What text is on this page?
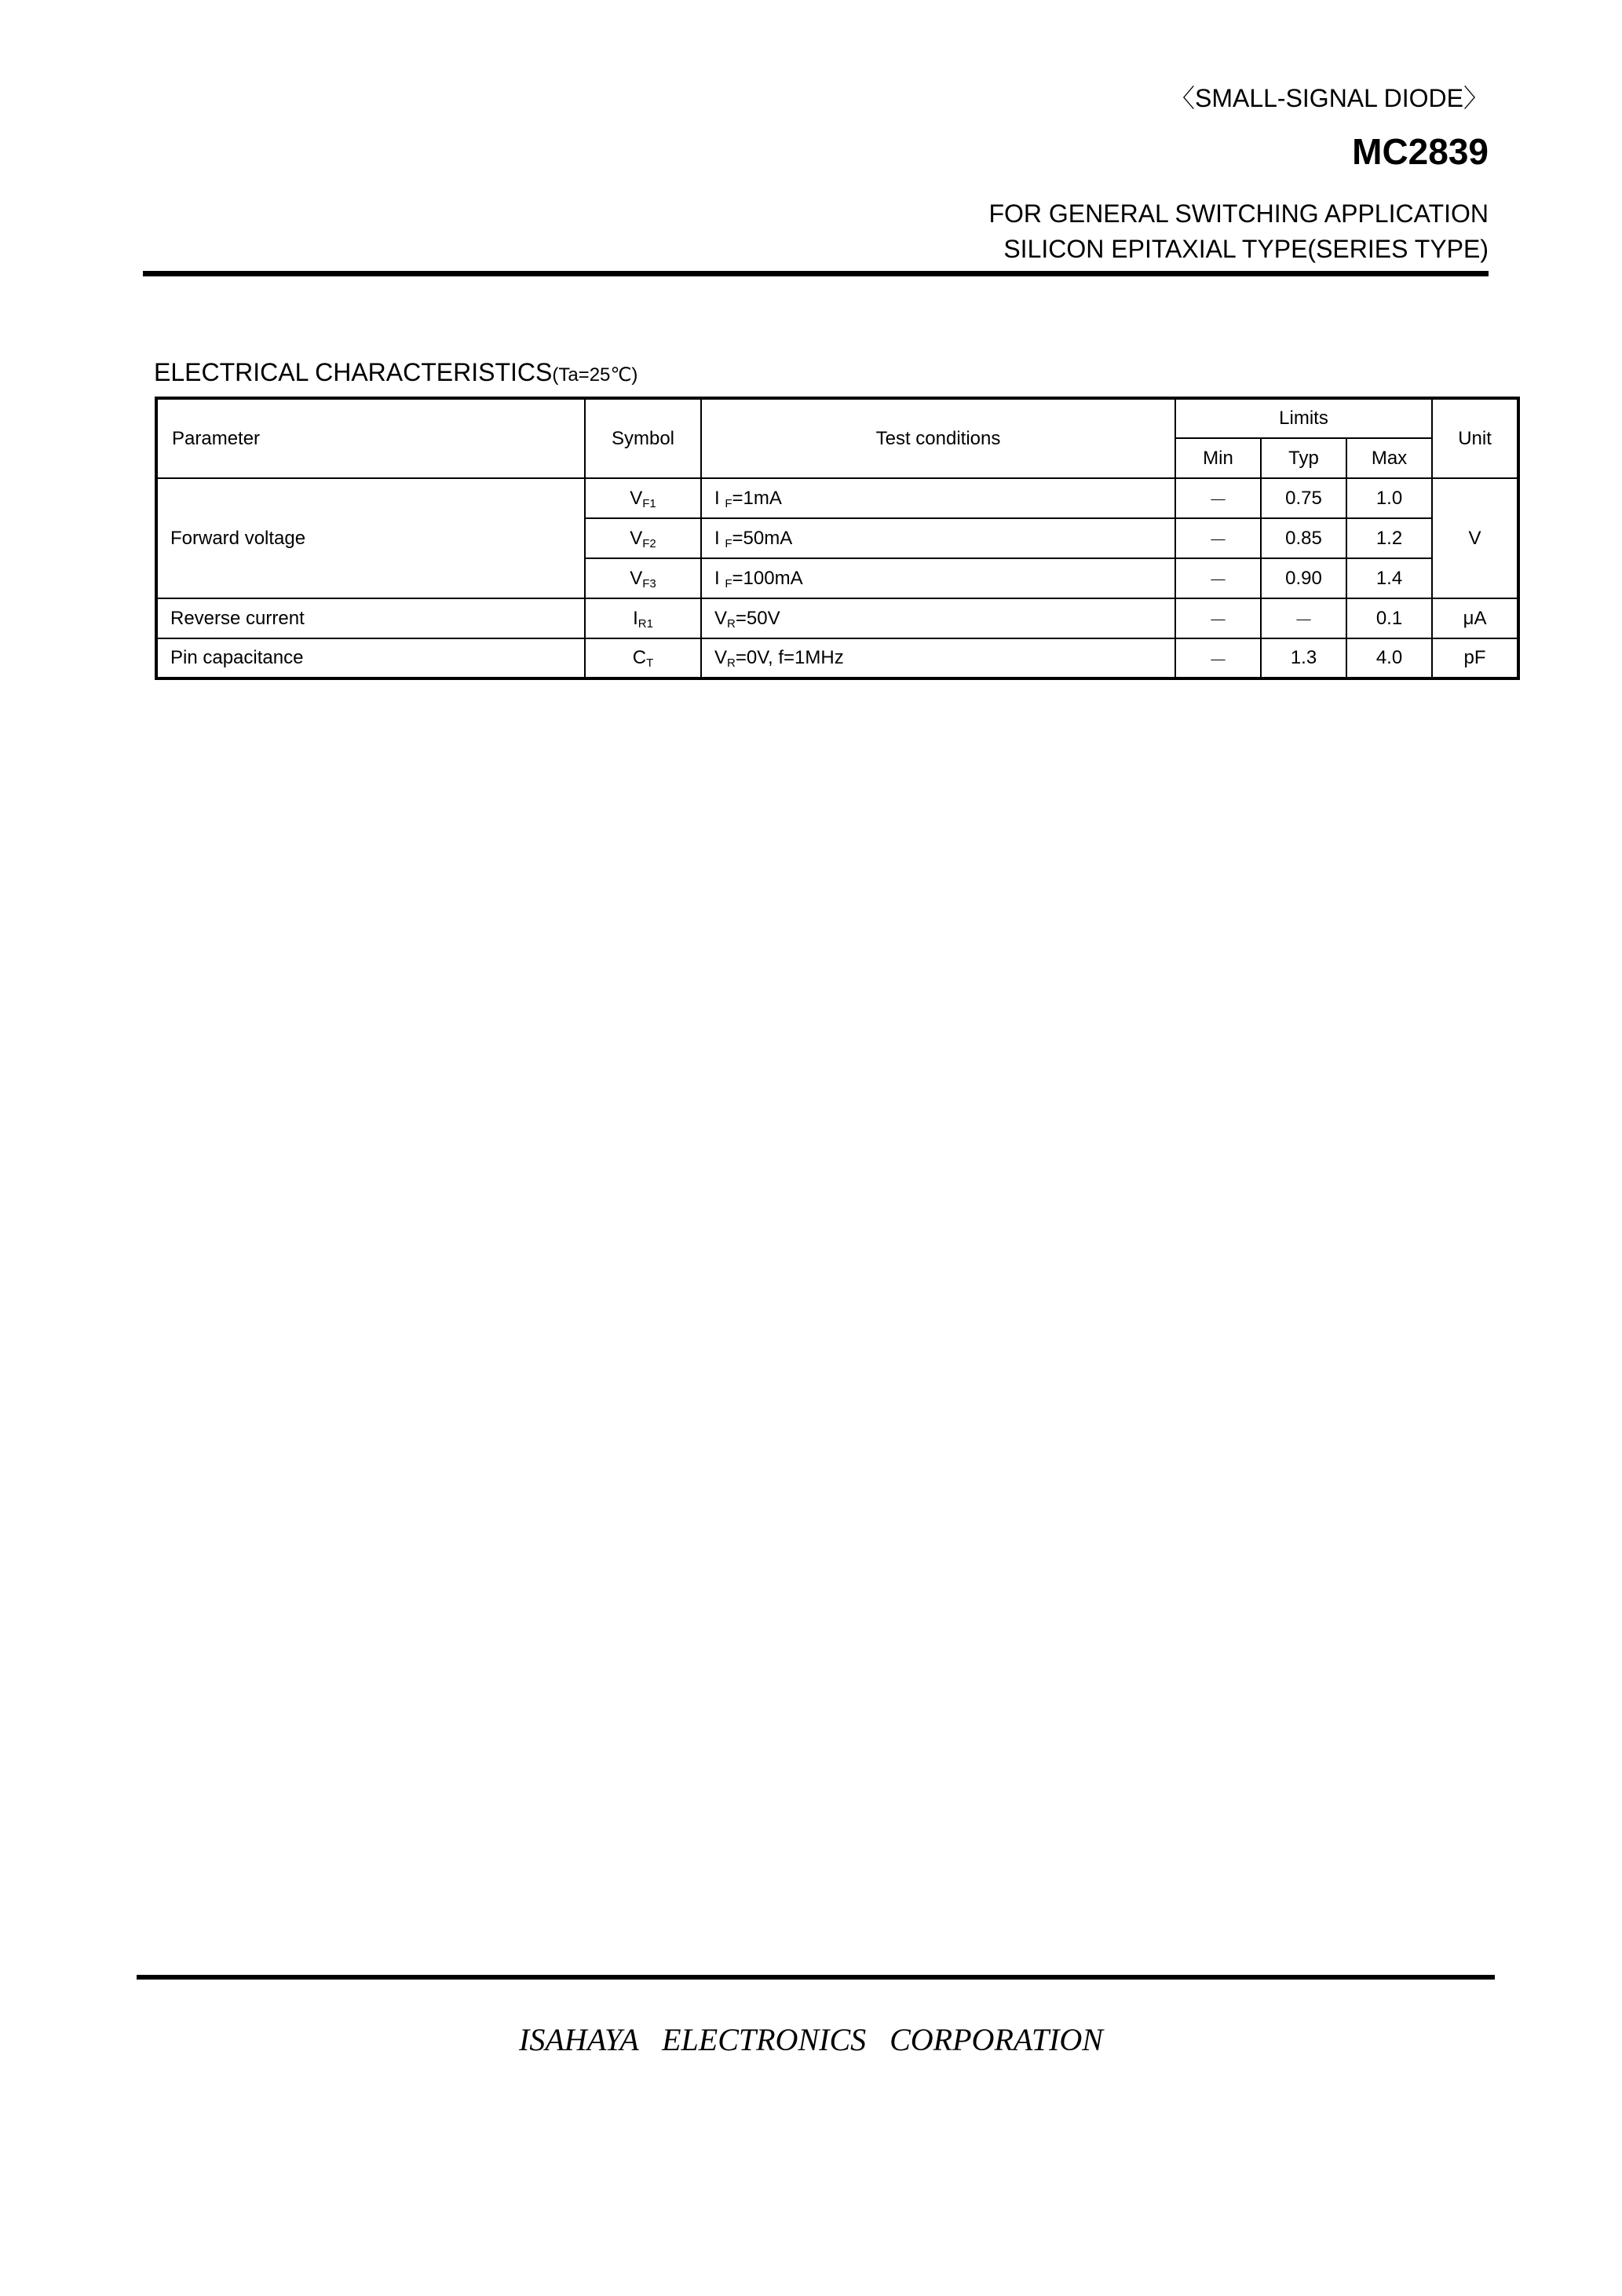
〈SMALL-SIGNAL DIODE〉
MC2839
FOR GENERAL SWITCHING APPLICATION
SILICON EPITAXIAL TYPE(SERIES TYPE)
ELECTRICAL CHARACTERISTICS(Ta=25℃)
Parameter	Symbol	Test conditions	Limits			Unit
			Min	Typ	Max	
Forward voltage	$V_{F1}$	I $_F$=1mA	－	0.75	1.0	V
	$V_{F2}$	I $_F$=50mA	－	0.85	1.2	
	$V_{F3}$	I $_F$=100mA	－	0.90	1.4	
Reverse current	$I_{R1}$	$V_R=50V$	－	－	0.1	μA
Pin capacitance	$C_T$	$V_R=0V$, f=1MHz	－	1.3	4.0	pF
ISAHAYA   ELECTRONICS   CORPORATION
